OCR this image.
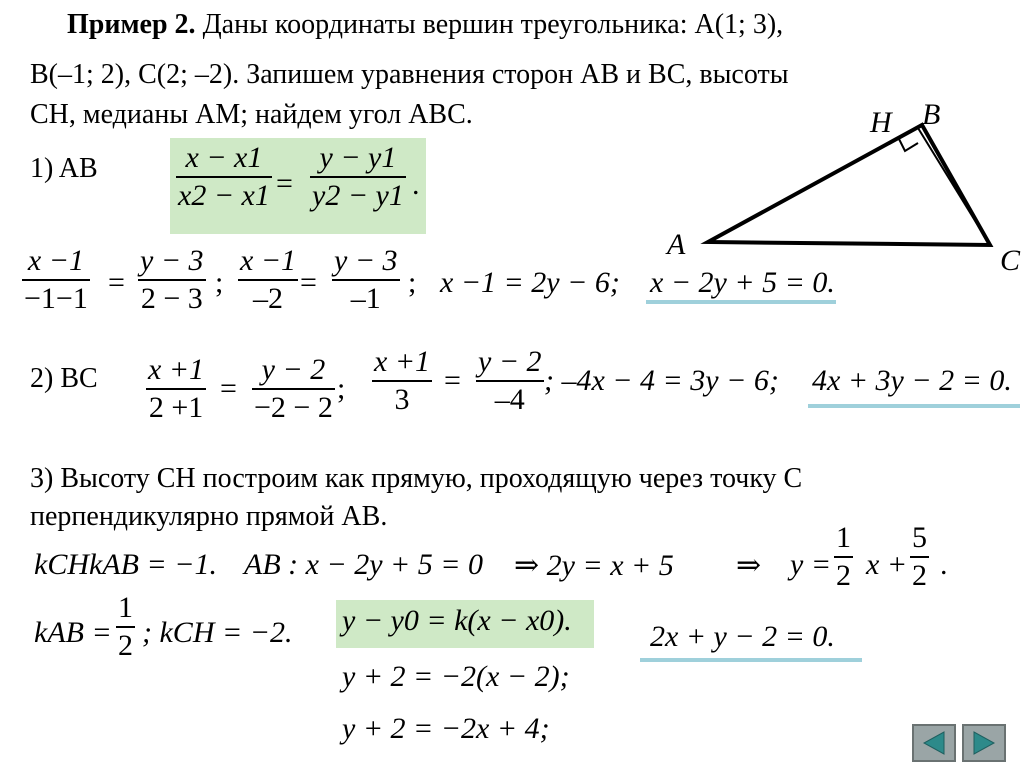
Пример 2. Даны координаты вершин треугольника: A(1; 3),
B(–1; 2), C(2; –2). Запишем уравнения сторон AB и BC, высоты
CH, медианы AM; найдем угол ABC.
A
B
C
H
1) AB	x − x1
x2 − x1 =
y − y1
y2 − y1 .
x −1
−1−1 =
y − 3
2 − 3 ;
x −1
–2 =
y − 3
–1 ; x −1 = 2y − 6; x − 2y + 5 = 0.
2) BC x +1
2 +1
=
y − 2
−2 − 2
;
x +1
3
=
y − 2
–4
; –4x − 4 = 3y − 6; 4x + 3y − 2 = 0.
3) Высоту CH построим как прямую, проходящую через точку C
перпендикулярно прямой AB.
kCHkAB = −1. AB : x − 2y + 5 = 0 ⇒ 2y = x + 5 ⇒ y =
1
2 x +
5
2 .
kAB =
1
2 ; kCH = −2. y − y0 = k(x − x0).
y + 2 = −2(x − 2);
y + 2 = −2x + 4;
2x + y − 2 = 0.
